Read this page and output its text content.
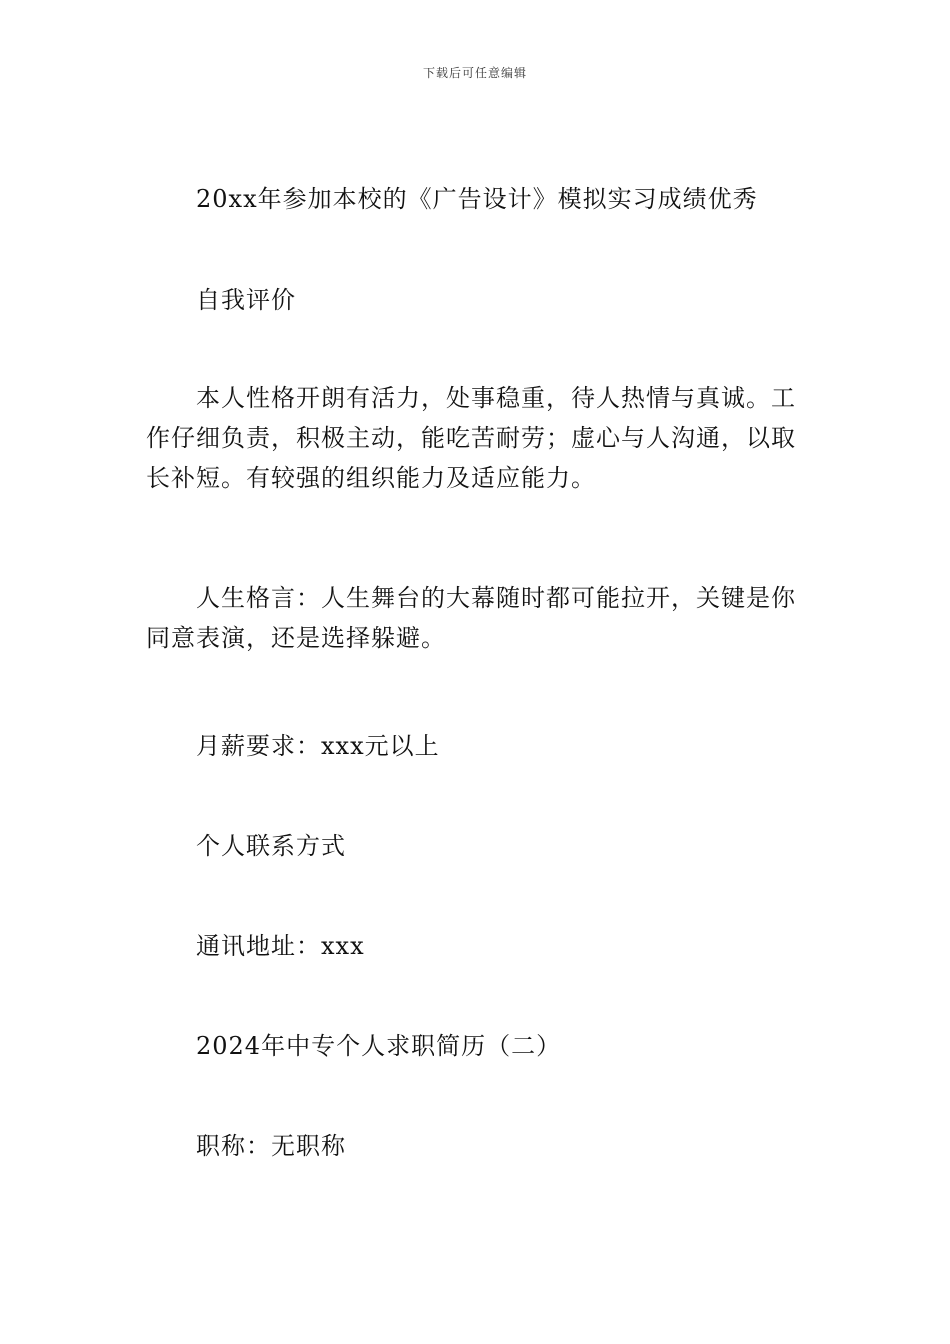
下载后可任意编辑
20xx年参加本校的《广告设计》模拟实习成绩优秀
自我评价
本人性格开朗有活力，处事稳重，待人热情与真诚。工作仔细负责，积极主动，能吃苦耐劳；虚心与人沟通，以取长补短。有较强的组织能力及适应能力。
人生格言：人生舞台的大幕随时都可能拉开，关键是你同意表演，还是选择躲避。
月薪要求：xxx元以上
个人联系方式
通讯地址：xxx
2024年中专个人求职简历（二）
职称：无职称
